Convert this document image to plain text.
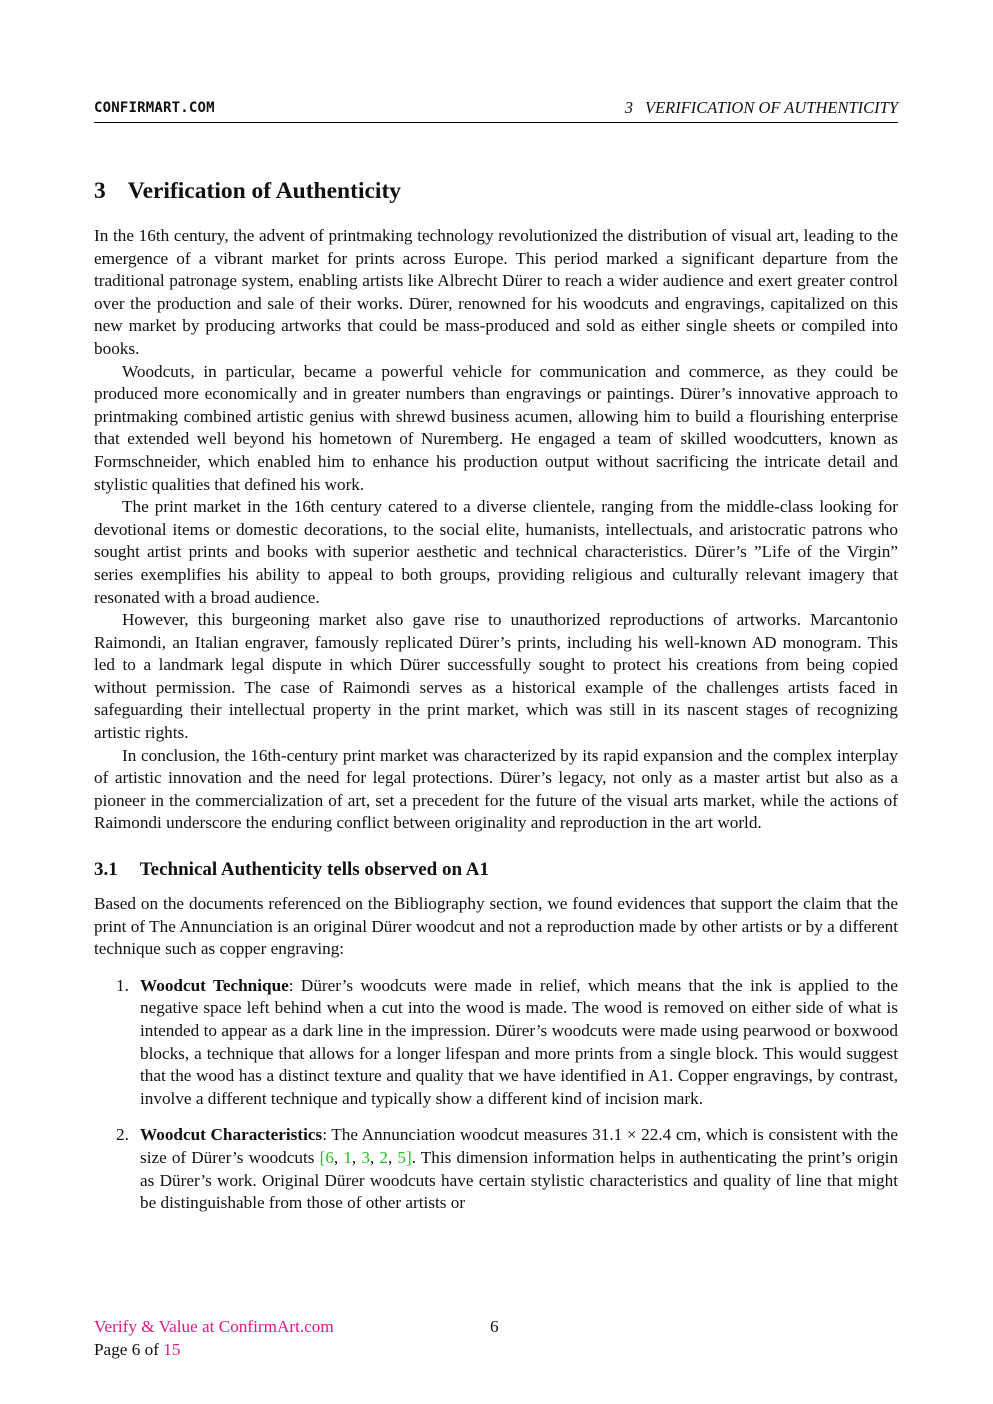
CONFIRMART.COM	3 VERIFICATION OF AUTHENTICITY
3 Verification of Authenticity

In the 16th century, the advent of printmaking technology revolutionized the distribution of visual art, leading to the emergence of a vibrant market for prints across Europe. This period marked a significant departure from the traditional patronage system, enabling artists like Albrecht Dürer to reach a wider audience and exert greater control over the production and sale of their works. Dürer, renowned for his woodcuts and engravings, capitalized on this new market by producing artworks that could be mass-produced and sold as either single sheets or compiled into books.

Woodcuts, in particular, became a powerful vehicle for communication and commerce, as they could be produced more economically and in greater numbers than engravings or paintings. Dürer’s innovative approach to printmaking combined artistic genius with shrewd business acumen, allowing him to build a flourishing enterprise that extended well beyond his hometown of Nuremberg. He engaged a team of skilled woodcutters, known as Formschneider, which enabled him to enhance his production output without sacrificing the intricate detail and stylistic qualities that defined his work.

The print market in the 16th century catered to a diverse clientele, ranging from the middle-class looking for devotional items or domestic decorations, to the social elite, humanists, intellectuals, and aristocratic patrons who sought artist prints and books with superior aesthetic and technical characteristics. Dürer’s ”Life of the Virgin” series exemplifies his ability to appeal to both groups, providing religious and culturally relevant imagery that resonated with a broad audience.

However, this burgeoning market also gave rise to unauthorized reproductions of artworks. Marcantonio Raimondi, an Italian engraver, famously replicated Dürer’s prints, including his well-known AD monogram. This led to a landmark legal dispute in which Dürer successfully sought to protect his creations from being copied without permission. The case of Raimondi serves as a historical example of the challenges artists faced in safeguarding their intellectual property in the print market, which was still in its nascent stages of recognizing artistic rights.

In conclusion, the 16th-century print market was characterized by its rapid expansion and the complex interplay of artistic innovation and the need for legal protections. Dürer’s legacy, not only as a master artist but also as a pioneer in the commercialization of art, set a precedent for the future of the visual arts market, while the actions of Raimondi underscore the enduring conflict between originality and reproduction in the art world.

3.1 Technical Authenticity tells observed on A1

Based on the documents referenced on the Bibliography section, we found evidences that support the claim that the print of The Annunciation is an original Dürer woodcut and not a reproduction made by other artists or by a different technique such as copper engraving:

1. Woodcut Technique: Dürer’s woodcuts were made in relief, which means that the ink is applied to the negative space left behind when a cut into the wood is made. The wood is removed on either side of what is intended to appear as a dark line in the impression. Dürer’s woodcuts were made using pearwood or boxwood blocks, a technique that allows for a longer lifespan and more prints from a single block. This would suggest that the wood has a distinct texture and quality that we have identified in A1. Copper engravings, by contrast, involve a different technique and typically show a different kind of incision mark.
2. Woodcut Characteristics: The Annunciation woodcut measures 31.1 × 22.4 cm, which is consistent with the size of Dürer’s woodcuts [6, 1, 3, 2, 5]. This dimension information helps in authenticating the print’s origin as Dürer’s work. Original Dürer woodcuts have certain stylistic characteristics and quality of line that might be distinguishable from those of other artists or
Verify & Value at ConfirmArt.com
Page 6 of 15
6
